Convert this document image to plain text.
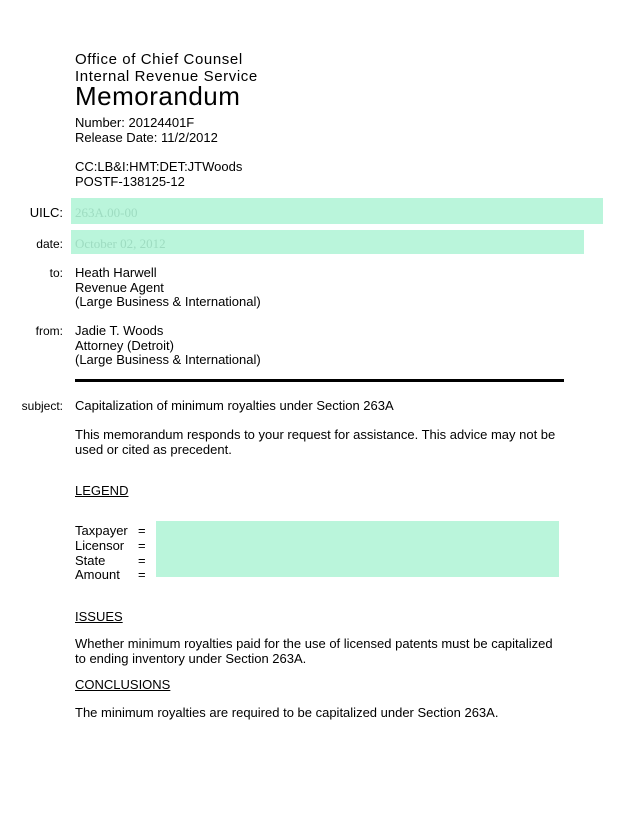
Office of Chief Counsel
Internal Revenue Service
Memorandum
Number: 20124401F
Release Date: 11/2/2012
CC:LB&I:HMT:DET:JTWoods
POSTF-138125-12
UILC: 263A.00-00
date: October 02, 2012
to: Heath Harwell
Revenue Agent
(Large Business & International)
from: Jadie T. Woods
Attorney (Detroit)
(Large Business & International)
subject: Capitalization of minimum royalties under Section 263A
This memorandum responds to your request for assistance. This advice may not be used or cited as precedent.
LEGEND
Taxpayer =
Licensor =
State	=
Amount =
ISSUES
Whether minimum royalties paid for the use of licensed patents must be capitalized to ending inventory under Section 263A.
CONCLUSIONS
The minimum royalties are required to be capitalized under Section 263A.
